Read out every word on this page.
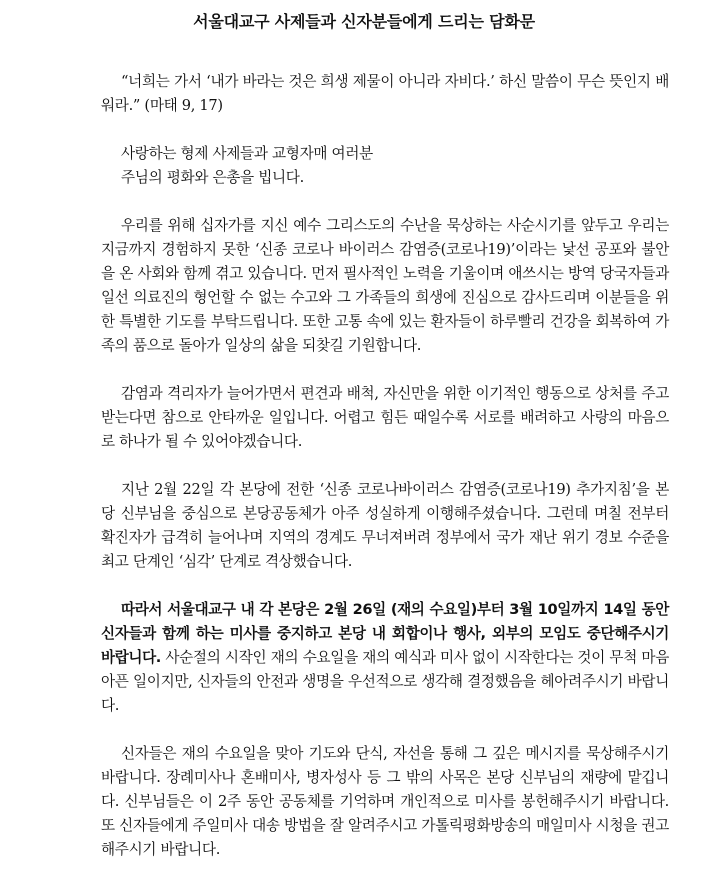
서울대교구 사제들과 신자분들에게 드리는 담화문

“너희는 가서 ‘내가 바라는 것은 희생 제물이 아니라 자비다.’ 하신 말씀이 무슨 뜻인지 배워라.” (마태 9, 17)

사랑하는 형제 사제들과 교형자매 여러분
주님의 평화와 은총을 빕니다.

우리를 위해 십자가를 지신 예수 그리스도의 수난을 묵상하는 사순시기를 앞두고 우리는 지금까지 경험하지 못한 ‘신종 코로나 바이러스 감염증(코로나19)’이라는 낯선 공포와 불안을 온 사회와 함께 겪고 있습니다. 먼저 필사적인 노력을 기울이며 애쓰시는 방역 당국자들과 일선 의료진의 형언할 수 없는 수고와 그 가족들의 희생에 진심으로 감사드리며 이분들을 위한 특별한 기도를 부탁드립니다. 또한 고통 속에 있는 환자들이 하루빨리 건강을 회복하여 가족의 품으로 돌아가 일상의 삶을 되찾길 기원합니다.

감염과 격리자가 늘어가면서 편견과 배척, 자신만을 위한 이기적인 행동으로 상처를 주고받는다면 참으로 안타까운 일입니다. 어렵고 힘든 때일수록 서로를 배려하고 사랑의 마음으로 하나가 될 수 있어야겠습니다.

지난 2월 22일 각 본당에 전한 ‘신종 코로나바이러스 감염증(코로나19) 추가지침’을 본당 신부님을 중심으로 본당공동체가 아주 성실하게 이행해주셨습니다. 그런데 며칠 전부터 확진자가 급격히 늘어나며 지역의 경계도 무너져버려 정부에서 국가 재난 위기 경보 수준을 최고 단계인 ‘심각’ 단계로 격상했습니다.

따라서 서울대교구 내 각 본당은 2월 26일 (재의 수요일)부터 3월 10일까지 14일 동안 신자들과 함께 하는 미사를 중지하고 본당 내 회합이나 행사, 외부의 모임도 중단해주시기 바랍니다. 사순절의 시작인 재의 수요일을 재의 예식과 미사 없이 시작한다는 것이 무척 마음 아픈 일이지만, 신자들의 안전과 생명을 우선적으로 생각해 결정했음을 헤아려주시기 바랍니다.

신자들은 재의 수요일을 맞아 기도와 단식, 자선을 통해 그 깊은 메시지를 묵상해주시기 바랍니다. 장례미사나 혼배미사, 병자성사 등 그 밖의 사목은 본당 신부님의 재량에 맡깁니다. 신부님들은 이 2주 동안 공동체를 기억하며 개인적으로 미사를 봉헌해주시기 바랍니다. 또 신자들에게 주일미사 대송 방법을 잘 알려주시고 가톨릭평화방송의 매일미사 시청을 권고해주시기 바랍니다.
